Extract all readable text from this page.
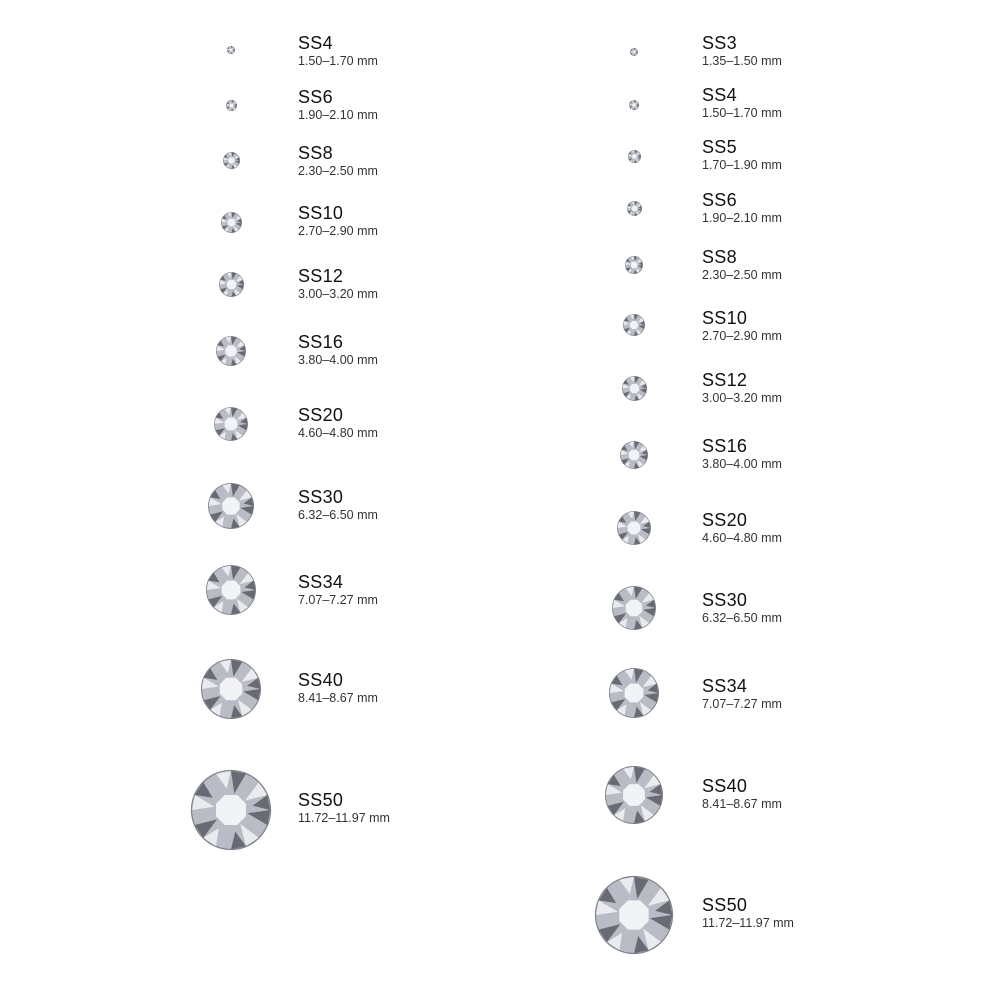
SS4
1.50–1.70 mm
SS6
1.90–2.10 mm
SS8
2.30–2.50 mm
SS10
2.70–2.90 mm
SS12
3.00–3.20 mm
SS16
3.80–4.00 mm
SS20
4.60–4.80 mm
SS30
6.32–6.50 mm
SS34
7.07–7.27 mm
SS40
8.41–8.67 mm
SS50
11.72–11.97 mm
SS3
1.35–1.50 mm
SS4
1.50–1.70 mm
SS5
1.70–1.90 mm
SS6
1.90–2.10 mm
SS8
2.30–2.50 mm
SS10
2.70–2.90 mm
SS12
3.00–3.20 mm
SS16
3.80–4.00 mm
SS20
4.60–4.80 mm
SS30
6.32–6.50 mm
SS34
7.07–7.27 mm
SS40
8.41–8.67 mm
SS50
11.72–11.97 mm
